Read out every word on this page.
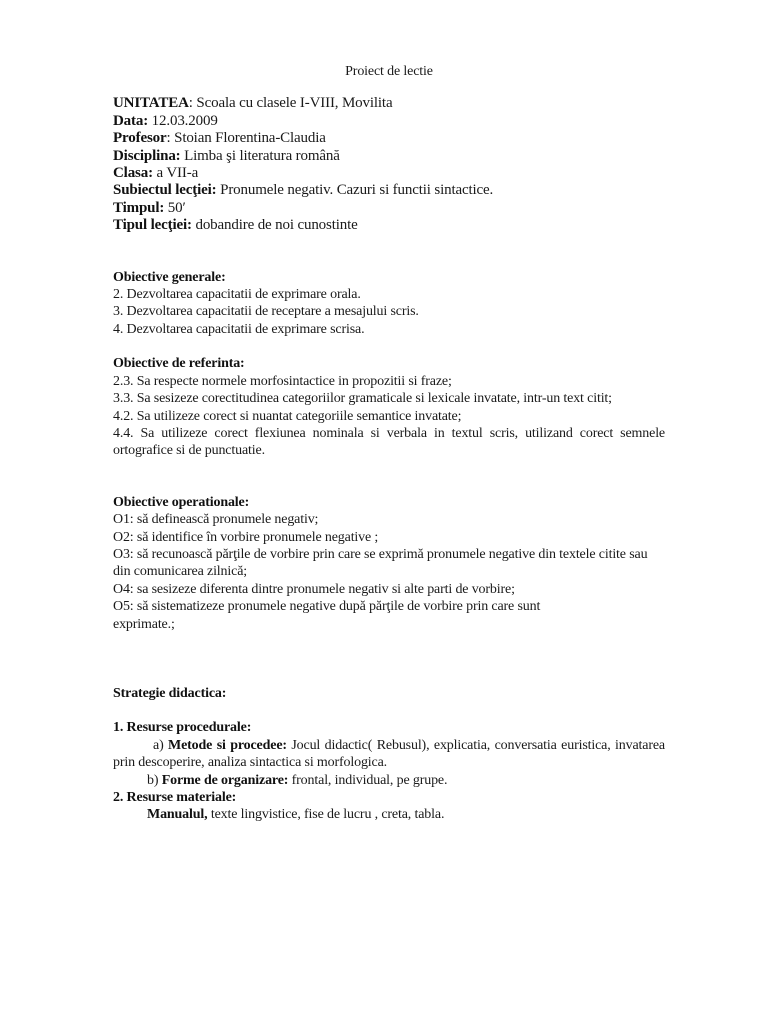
Proiect de lectie
UNITATEA: Scoala cu clasele I-VIII, Movilita
Data: 12.03.2009
Profesor: Stoian Florentina-Claudia
Disciplina: Limba şi literatura română
Clasa: a VII-a
Subiectul lecţiei: Pronumele negativ. Cazuri si functii sintactice.
Timpul: 50′
Tipul lecţiei: dobandire de noi cunostinte
Obiective generale:
2. Dezvoltarea capacitatii de exprimare orala.
3. Dezvoltarea capacitatii de receptare a mesajului scris.
4. Dezvoltarea capacitatii de exprimare scrisa.
Obiective de referinta:
2.3. Sa respecte normele morfosintactice in propozitii si fraze;
3.3. Sa sesizeze corectitudinea categoriilor gramaticale si lexicale invatate, intr-un text citit;
4.2. Sa utilizeze corect si nuantat categoriile semantice invatate;
4.4. Sa utilizeze corect flexiunea nominala si verbala in textul scris, utilizand corect semnele ortografice si de punctuatie.
Obiective operationale:
O1: să definească pronumele negativ;
O2: să identifice în vorbire pronumele negative ;
O3: să recunoască părţile de vorbire prin care se exprimă pronumele negative din textele citite sau din comunicarea zilnică;
O4: sa sesizeze diferenta dintre pronumele negativ si alte parti de vorbire;
O5: să sistematizeze pronumele negative după părţile de vorbire prin care sunt exprimate.;
Strategie didactica:
1. Resurse procedurale:
a) Metode si procedee: Jocul didactic( Rebusul), explicatia, conversatia euristica, invatarea prin descoperire, analiza sintactica si morfologica.
b) Forme de organizare: frontal, individual, pe grupe.
2. Resurse materiale:
Manualul, texte lingvistice, fise de lucru , creta, tabla.
